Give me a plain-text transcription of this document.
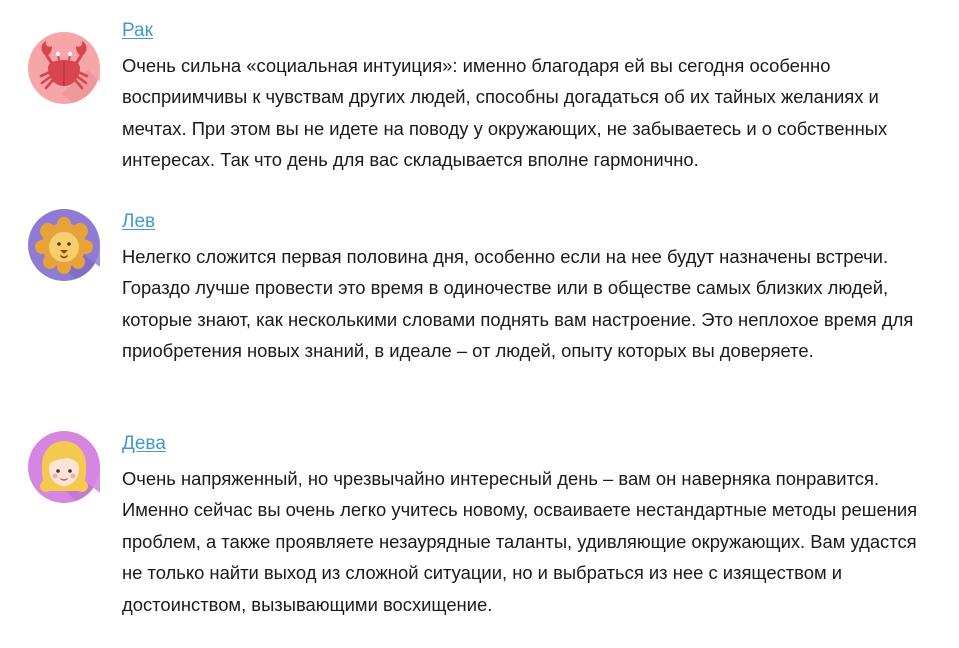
Рак

Очень сильна «социальная интуиция»: именно благодаря ей вы сегодня особенно восприимчивы к чувствам других людей, способны догадаться об их тайных желаниях и мечтах. При этом вы не идете на поводу у окружающих, не забываетесь и о собственных интересах. Так что день для вас складывается вполне гармонично.

Лев

Нелегко сложится первая половина дня, особенно если на нее будут назначены встречи. Гораздо лучше провести это время в одиночестве или в обществе самых близких людей, которые знают, как несколькими словами поднять вам настроение. Это неплохое время для приобретения новых знаний, в идеале – от людей, опыту которых вы доверяете.

Дева

Очень напряженный, но чрезвычайно интересный день – вам он наверняка понравится. Именно сейчас вы очень легко учитесь новому, осваиваете нестандартные методы решения проблем, а также проявляете незаурядные таланты, удивляющие окружающих. Вам удастся не только найти выход из сложной ситуации, но и выбраться из нее с изяществом и достоинством, вызывающими восхищение.
